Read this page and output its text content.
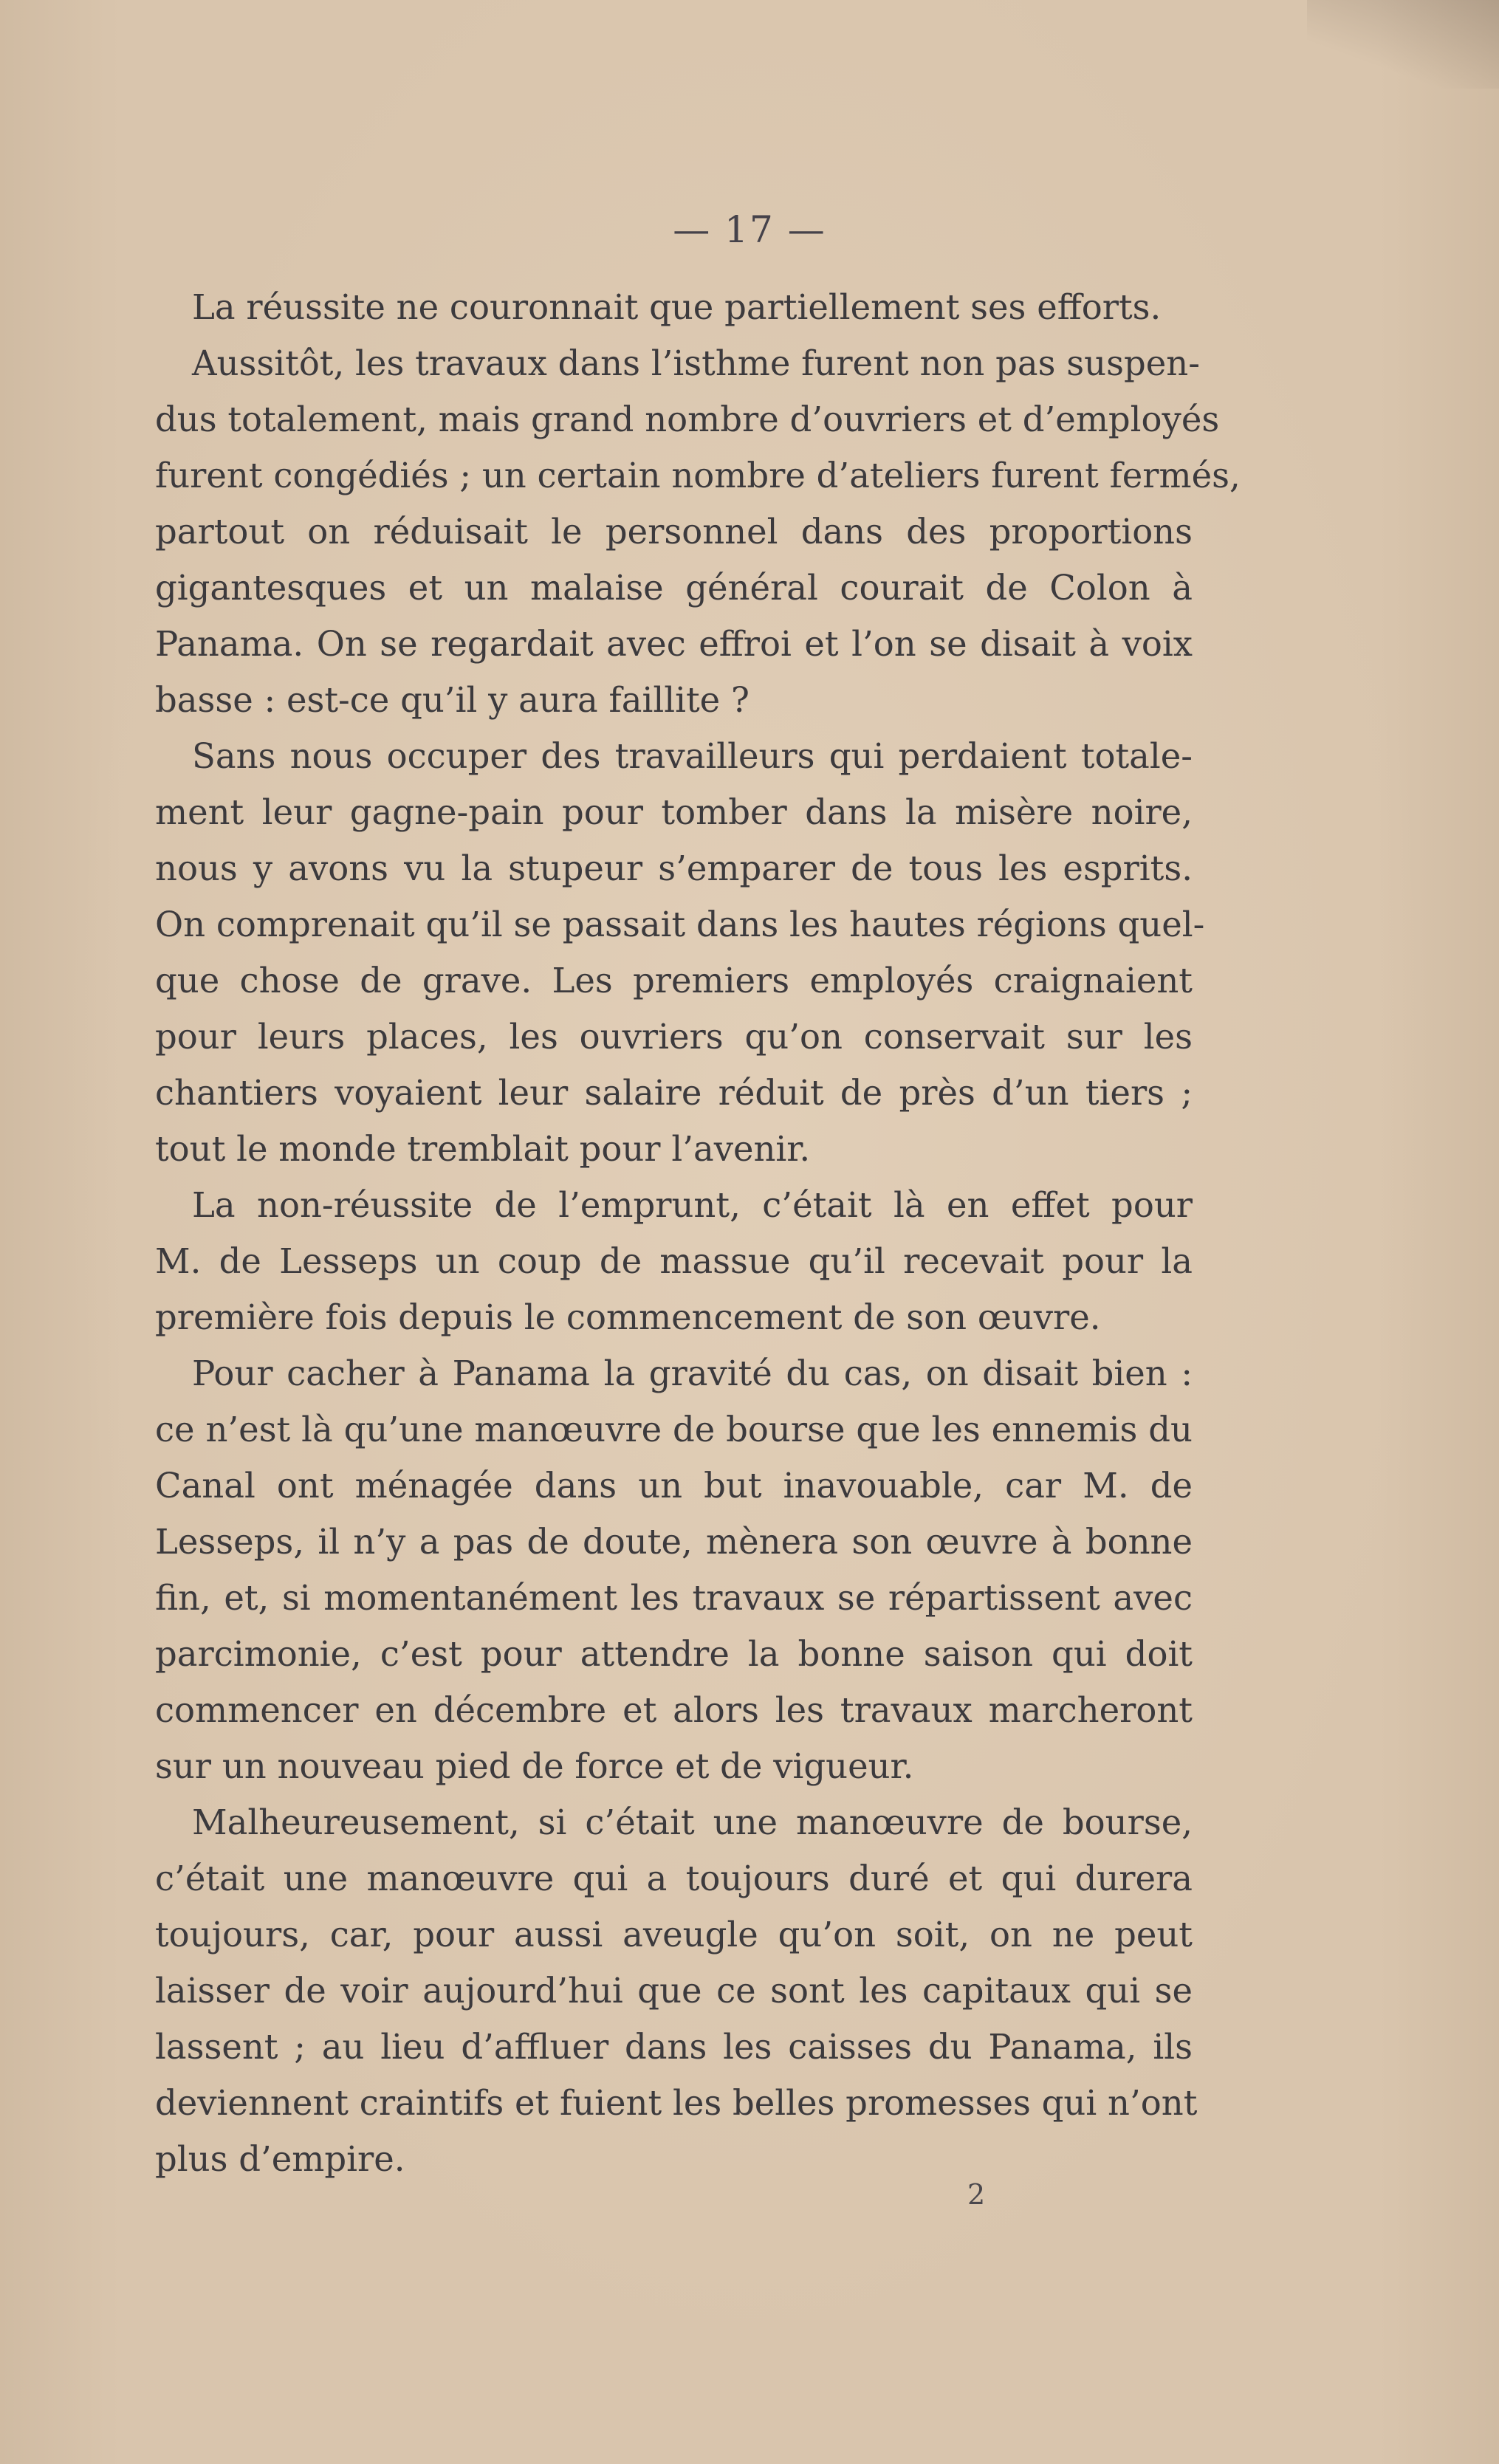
— 17 —

La réussite ne couronnait que partiellement ses efforts.

Aussitôt, les travaux dans l’isthme furent non pas suspen-

dus totalement, mais grand nombre d’ouvriers et d’employés

furent congédiés ; un certain nombre d’ateliers furent fermés,

partout on réduisait le personnel dans des proportions

gigantesques et un malaise général courait de Colon à

Panama. On se regardait avec effroi et l’on se disait à voix

basse : est-ce qu’il y aura faillite ?

Sans nous occuper des travailleurs qui perdaient totale-

ment leur gagne-pain pour tomber dans la misère noire,

nous y avons vu la stupeur s’emparer de tous les esprits.

On comprenait qu’il se passait dans les hautes régions quel-

que chose de grave. Les premiers employés craignaient

pour leurs places, les ouvriers qu’on conservait sur les

chantiers voyaient leur salaire réduit de près d’un tiers ;

tout le monde tremblait pour l’avenir.

La non-réussite de l’emprunt, c’était là en effet pour

M. de Lesseps un coup de massue qu’il recevait pour la

première fois depuis le commencement de son œuvre.

Pour cacher à Panama la gravité du cas, on disait bien :

ce n’est là qu’une manœuvre de bourse que les ennemis du

Canal ont ménagée dans un but inavouable, car M. de

Lesseps, il n’y a pas de doute, mènera son œuvre à bonne

fin, et, si momentanément les travaux se répartissent avec

parcimonie, c’est pour attendre la bonne saison qui doit

commencer en décembre et alors les travaux marcheront

sur un nouveau pied de force et de vigueur.

Malheureusement, si c’était une manœuvre de bourse,

c’était une manœuvre qui a toujours duré et qui durera

toujours, car, pour aussi aveugle qu’on soit, on ne peut

laisser de voir aujourd’hui que ce sont les capitaux qui se

lassent ; au lieu d’affluer dans les caisses du Panama, ils

deviennent craintifs et fuient les belles promesses qui n’ont

plus d’empire.

2
